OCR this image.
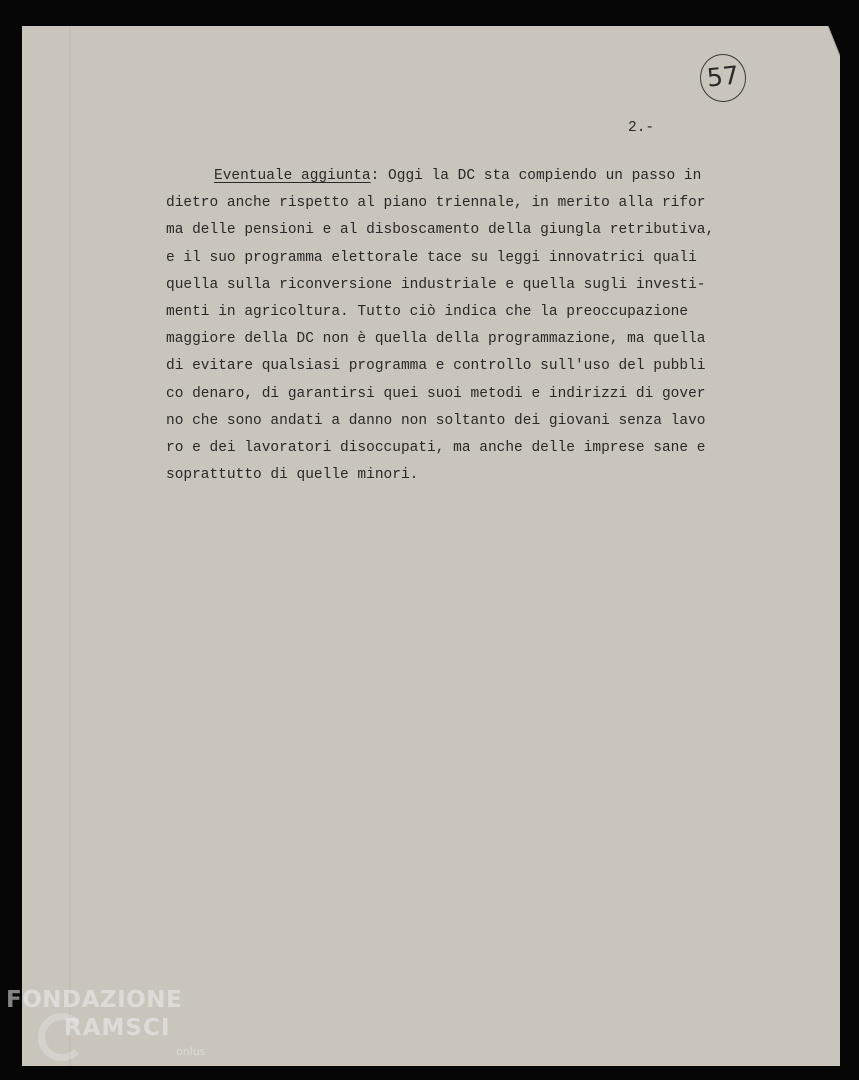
57
2.-
Eventuale aggiunta: Oggi la DC sta compiendo un passo in
dietro anche rispetto al piano triennale, in merito alla rifor
ma delle pensioni e al disboscamento della giungla retributiva,
e il suo programma elettorale tace su leggi innovatrici quali
quella sulla riconversione industriale e quella sugli investi-
menti in agricoltura. Tutto ciò indica che la preoccupazione
maggiore della DC non è quella della programmazione, ma quella
di evitare qualsiasi programma e controllo sull'uso del pubbli
co denaro, di garantirsi quei suoi metodi e indirizzi di gover
no che sono andati a danno non soltanto dei giovani senza lavo
ro e dei lavoratori disoccupati, ma anche delle imprese sane e
soprattutto di quelle minori.
FONDAZIONE
RAMSCI
onlus
